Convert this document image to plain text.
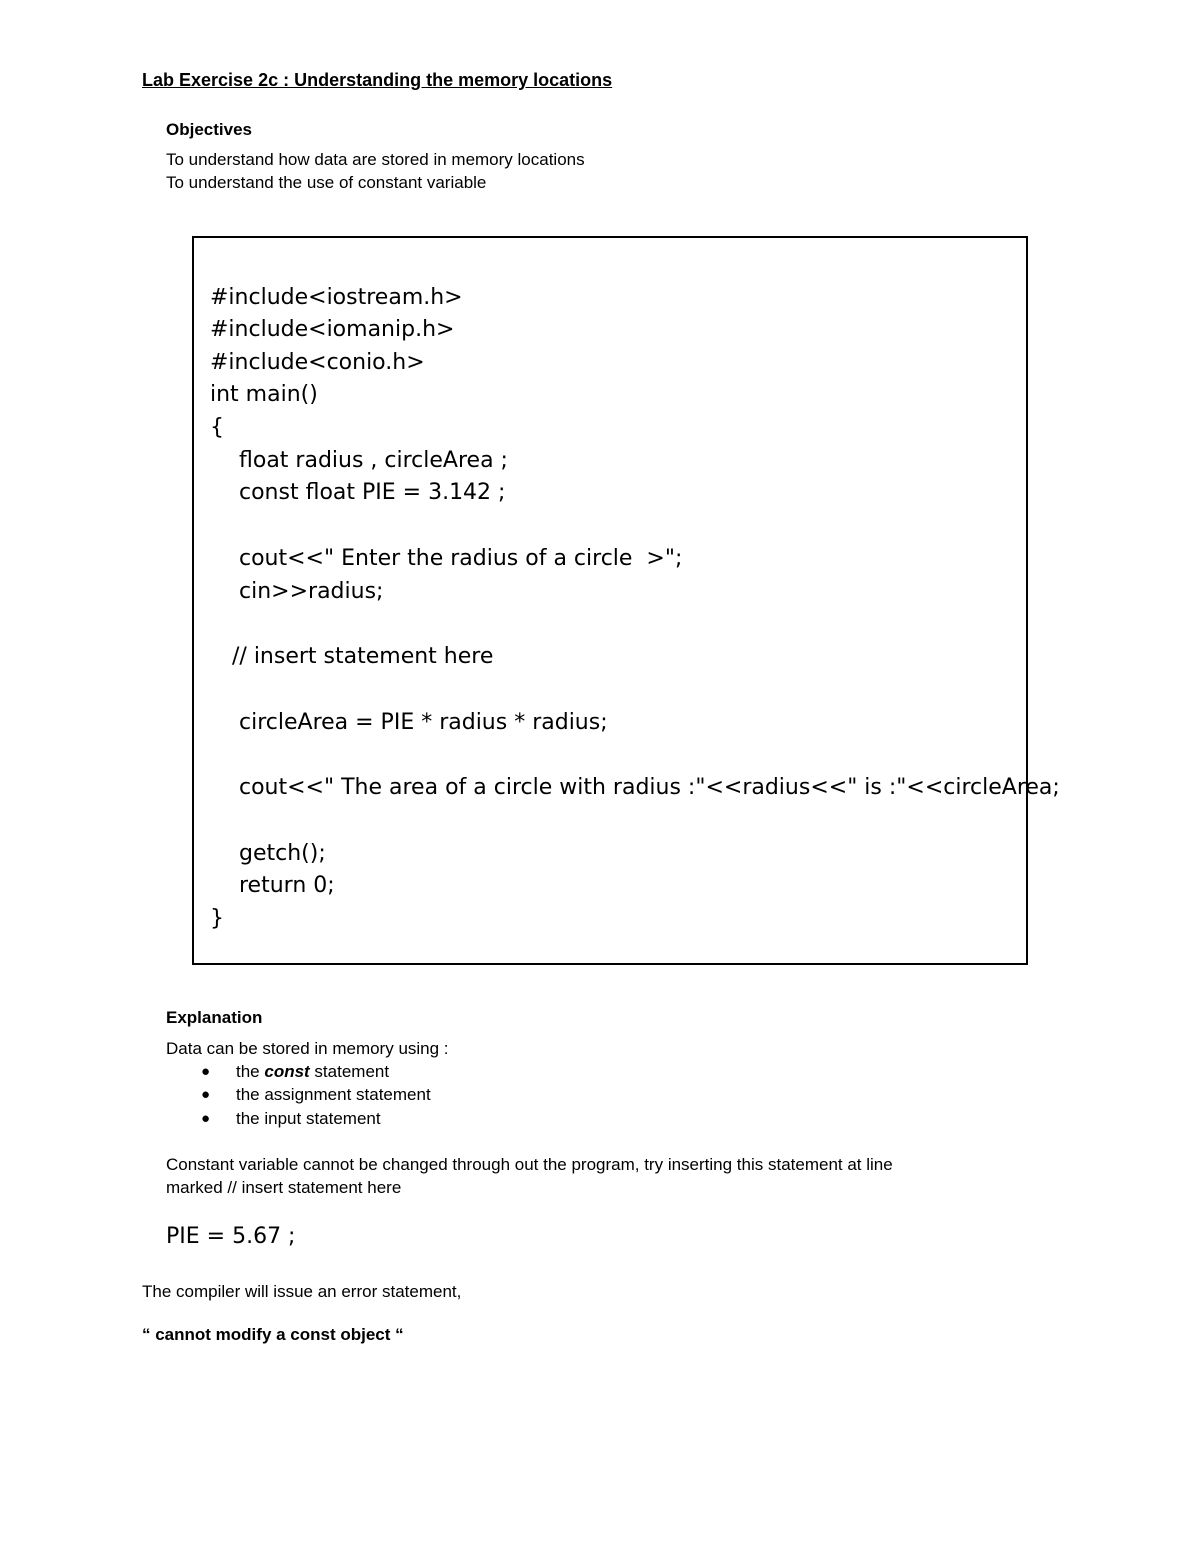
Lab Exercise 2c : Understanding the memory locations
Objectives
To understand how data are stored in memory locations
To understand the use of constant variable
#include<iostream.h>
#include<iomanip.h>
#include<conio.h>
int main()
{
float radius , circleArea ;
const float PIE = 3.142 ;
cout<<" Enter the radius of a circle  >";
cin>>radius;
// insert statement here
circleArea = PIE * radius * radius;
cout<<" The area of a circle with radius :"<<radius<<" is :"<<circleArea;
getch();
return 0;
}
Explanation
Data can be stored in memory using :
● the const statement
● the assignment statement
● the input statement
Constant variable cannot be changed through out the program, try inserting this statement at line
marked // insert statement here
PIE = 5.67 ;
The compiler will issue an error statement,
“ cannot modify a const object “
